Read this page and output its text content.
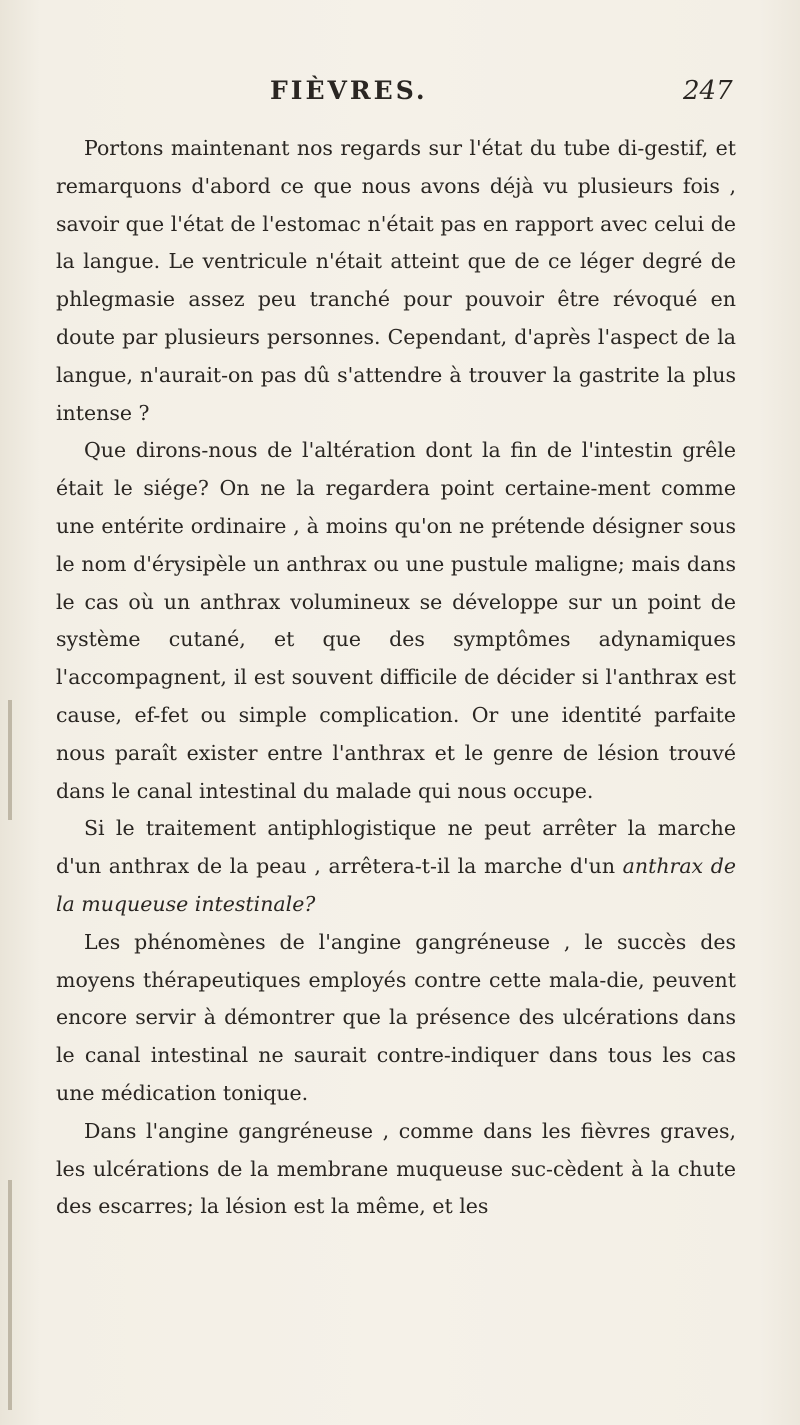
FIÈVRES.	247

Portons maintenant nos regards sur l'état du tube di-gestif, et remarquons d'abord ce que nous avons déjà vu plusieurs fois , savoir que l'état de l'estomac n'était pas en rapport avec celui de la langue. Le ventricule n'était atteint que de ce léger degré de phlegmasie assez peu tranché pour pouvoir être révoqué en doute par plusieurs personnes. Cependant, d'après l'aspect de la langue, n'aurait-on pas dû s'attendre à trouver la gastrite la plus intense ?

Que dirons-nous de l'altération dont la fin de l'intestin grêle était le siége? On ne la regardera point certaine-ment comme une entérite ordinaire , à moins qu'on ne prétende désigner sous le nom d'érysipèle un anthrax ou une pustule maligne; mais dans le cas où un anthrax volumineux se développe sur un point de système cutané, et que des symptômes adynamiques l'accompagnent, il est souvent difficile de décider si l'anthrax est cause, ef-fet ou simple complication. Or une identité parfaite nous paraît exister entre l'anthrax et le genre de lésion trouvé dans le canal intestinal du malade qui nous occupe.

Si le traitement antiphlogistique ne peut arrêter la marche d'un anthrax de la peau , arrêtera-t-il la marche d'un anthrax de la muqueuse intestinale?

Les phénomènes de l'angine gangréneuse , le succès des moyens thérapeutiques employés contre cette mala-die, peuvent encore servir à démontrer que la présence des ulcérations dans le canal intestinal ne saurait contre-indiquer dans tous les cas une médication tonique.

Dans l'angine gangréneuse , comme dans les fièvres graves, les ulcérations de la membrane muqueuse suc-cèdent à la chute des escarres; la lésion est la même, et les
